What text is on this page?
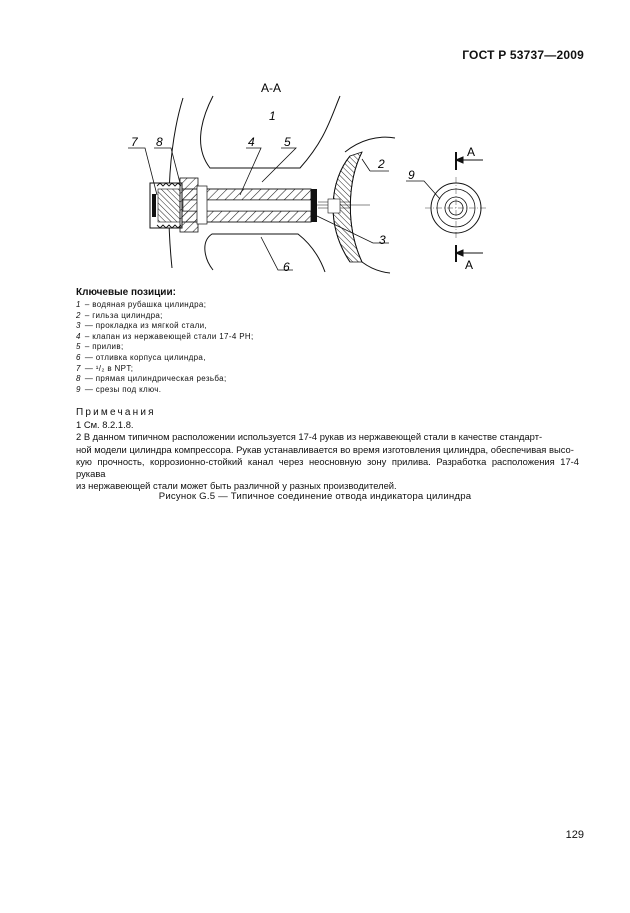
ГОСТ Р 53737—2009
А-А
1
7 8	4 5
2
9
3
6
А
А
Ключевые позиции:
1 – водяная рубашка цилиндра;
2 – гильза цилиндра;
3 — прокладка из мягкой стали,
4 – клапан из нержавеющей стали 17-4 PH;
5 – прилив;
6 — отливка корпуса цилиндра,
7 — ¹/₂ в NPT;
8 — прямая цилиндрическая резьба;
9 — срезы под ключ.
Примечания
1 См. 8.2.1.8.
2 В данном типичном расположении используется 17-4 рукав из нержавеющей стали в качестве стандарт-
ной модели цилиндра компрессора. Рукав устанавливается во время изготовления цилиндра, обеспечивая высо-
кую прочность, коррозионно-стойкий канал через неосновную зону прилива. Разработка расположения 17-4 рукава
из нержавеющей стали может быть различной у разных производителей.
Рисунок G.5 — Типичное соединение отвода индикатора цилиндра
129
